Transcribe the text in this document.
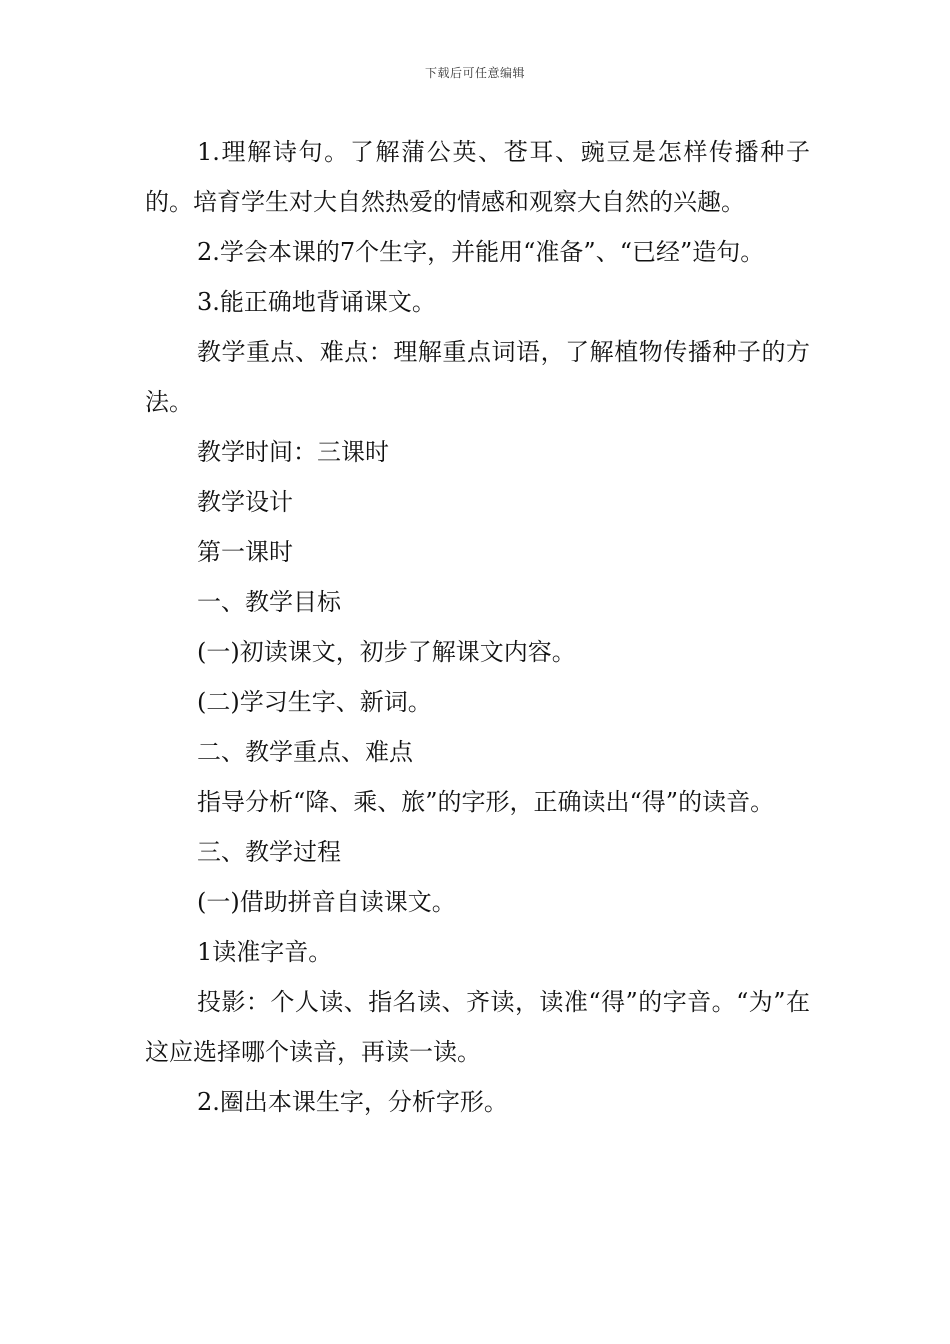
下载后可任意编辑

1.理解诗句。了解蒲公英、苍耳、豌豆是怎样传播种子的。培育学生对大自然热爱的情感和观察大自然的兴趣。

2.学会本课的7个生字，并能用“准备”、“已经”造句。

3.能正确地背诵课文。

教学重点、难点：理解重点词语，了解植物传播种子的方法。

教学时间：三课时

教学设计

第一课时

一、教学目标

(一)初读课文，初步了解课文内容。

(二)学习生字、新词。

二、教学重点、难点

指导分析“降、乘、旅”的字形，正确读出“得”的读音。

三、教学过程

(一)借助拼音自读课文。

1读准字音。

投影：个人读、指名读、齐读，读准“得”的字音。“为”在这应选择哪个读音，再读一读。

2.圈出本课生字，分析字形。
